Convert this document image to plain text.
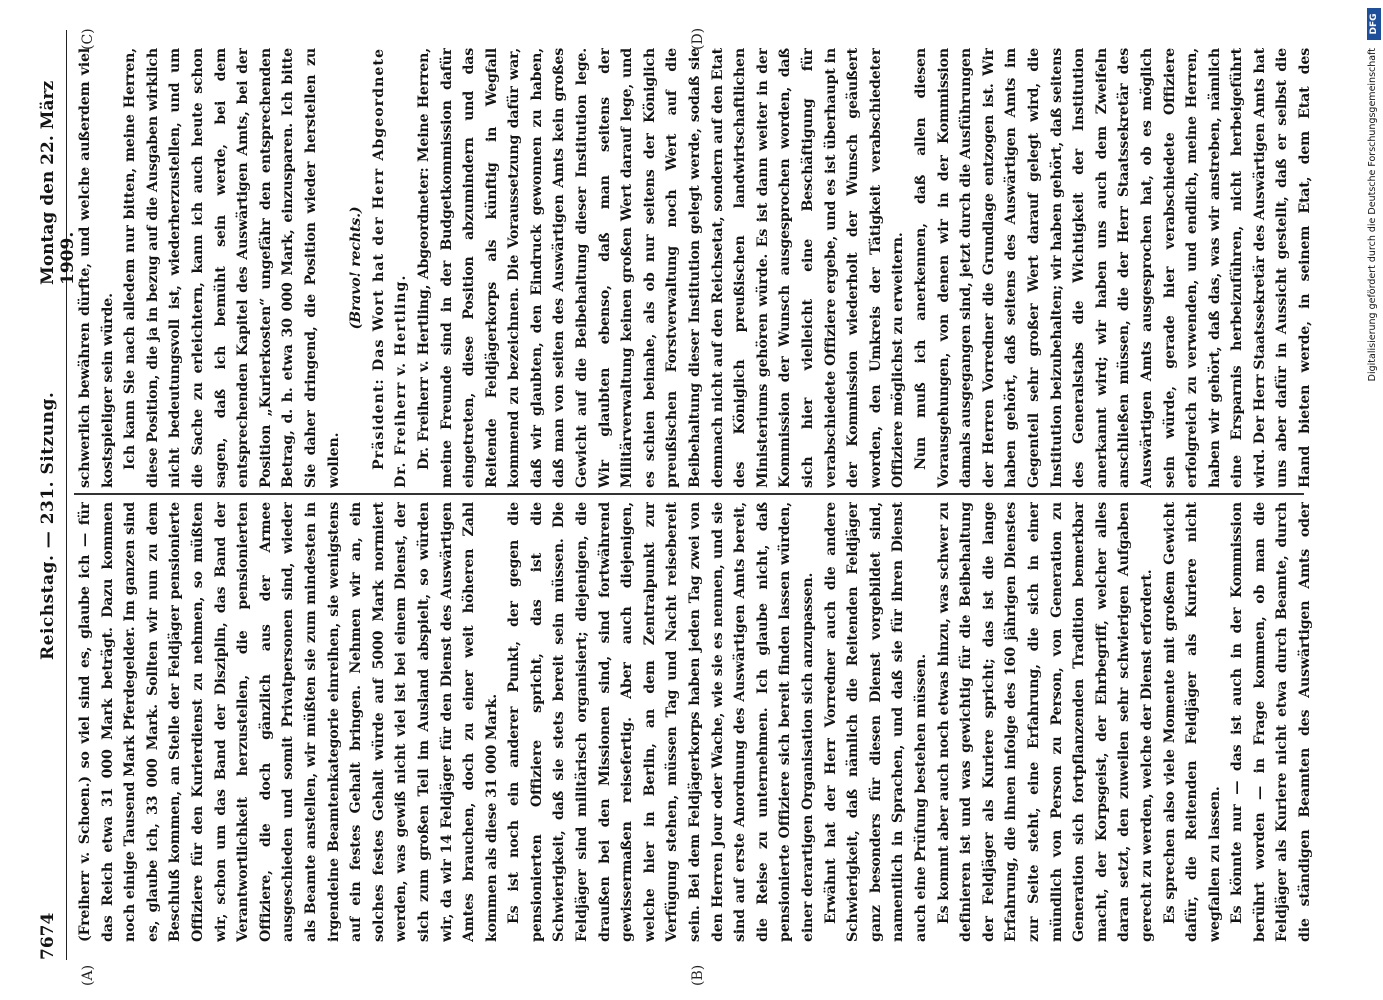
7674
Reichstag. — 231. Sitzung.
Montag den 22. März 1909.
(A)	(B)
(C)	(D)

(Freiherr v. Schoen.) so viel sind es, glaube ich — für das Reich etwa 31 000 Mark beträgt. Dazu kommen noch einige Tausend Mark Pferdegelder. Im ganzen sind es, glaube ich, 33 000 Mark. Sollten wir nun zu dem Beschluß kommen, an Stelle der Feldjäger pensionierte Offiziere für den Kurierdienst zu nehmen, so müßten wir, schon um das Band der Disziplin, das Band der Verantwortlichkeit herzustellen, die pensionierten Offiziere, die doch gänzlich aus der Armee ausgeschieden und somit Privatpersonen sind, wieder als Beamte anstellen, wir müßten sie zum mindesten in irgendeine Beamtenkategorie einreihen, sie wenigstens auf ein festes Gehalt bringen. Nehmen wir an, ein solches festes Gehalt würde auf 5000 Mark normiert werden, was gewiß nicht viel ist bei einem Dienst, der sich zum großen Teil im Ausland abspielt, so würden wir, da wir 14 Feldjäger für den Dienst des Auswärtigen Amtes brauchen, doch zu einer weit höheren Zahl kommen als diese 31 000 Mark. Es ist noch ein anderer Punkt, der gegen die pensionierten Offiziere spricht, das ist die Schwierigkeit, daß sie stets bereit sein müssen. Die Feldjäger sind militärisch organisiert; diejenigen, die draußen bei den Missionen sind, sind fortwährend gewissermaßen reisefertig. Aber auch diejenigen, welche hier in Berlin, an dem Zentralpunkt zur Verfügung stehen, müssen Tag und Nacht reisebereit sein. Bei dem Feldjägerkorps haben jeden Tag zwei von den Herren Jour oder Wache, wie sie es nennen, und sie sind auf erste Anordnung des Auswärtigen Amts bereit, die Reise zu unternehmen. Ich glaube nicht, daß pensionierte Offiziere sich bereit finden lassen würden, einer derartigen Organisation sich anzupassen. Erwähnt hat der Herr Vorredner auch die andere Schwierigkeit, daß nämlich die Reitenden Feldjäger ganz besonders für diesen Dienst vorgebildet sind, namentlich in Sprachen, und daß sie für ihren Dienst auch eine Prüfung bestehen müssen. Es kommt aber auch noch etwas hinzu, was schwer zu definieren ist und was gewichtig für die Beibehaltung der Feldjäger als Kuriere spricht; das ist die lange Erfahrung, die ihnen infolge des 160 jährigen Dienstes zur Seite steht, eine Erfahrung, die sich in einer mündlich von Person zu Person, von Generation zu Generation sich fortpflanzenden Tradition bemerkbar macht, der Korpsgeist, der Ehrbegriff, welcher alles daran setzt, den zuweilen sehr schwierigen Aufgaben gerecht zu werden, welche der Dienst erfordert. Es sprechen also viele Momente mit großem Gewicht dafür, die Reitenden Feldjäger als Kuriere nicht wegfallen zu lassen. Es könnte nur — das ist auch in der Kommission berührt worden — in Frage kommen, ob man die Feldjäger als Kuriere nicht etwa durch Beamte, durch die ständigen Beamten des Auswärtigen Amts oder

schwerlich bewähren dürfte, und welche außerdem viel kostspieliger sein würde. Ich kann Sie nach alledem nur bitten, meine Herren, diese Position, die ja in bezug auf die Ausgaben wirklich nicht bedeutungsvoll ist, wiederherzustellen, und um die Sache zu erleichtern, kann ich auch heute schon sagen, daß ich bemüht sein werde, bei dem entsprechenden Kapitel des Auswärtigen Amts, bei der Position „Kurierkosten“ ungefähr den entsprechenden Betrag, d. h. etwa 30 000 Mark, einzusparen. Ich bitte Sie daher dringend, die Position wieder herstellen zu wollen.

(Bravo! rechts.) Präsident: Das Wort hat der Herr Abgeordnete Dr. Freiherr v. Hertling. Dr. Freiherr v. Hertling, Abgeordneter: Meine Herren, meine Freunde sind in der Budgetkommission dafür eingetreten, diese Position abzumindern und das Reitende Feldjägerkorps als künftig in Wegfall kommend zu bezeichnen. Die Voraussetzung dafür war, daß wir glaubten, den Eindruck gewonnen zu haben, daß man von seiten des Auswärtigen Amts kein großes Gewicht auf die Beibehaltung dieser Institution lege. Wir glaubten ebenso, daß man seitens der Militärverwaltung keinen großen Wert darauf lege, und es schien beinahe, als ob nur seitens der Königlich preußischen Forstverwaltung noch Wert auf die Beibehaltung dieser Institution gelegt werde, sodaß sie demnach nicht auf den Reichsetat, sondern auf den Etat des Königlich preußischen landwirtschaftlichen Ministeriums gehören würde. Es ist dann weiter in der Kommission der Wunsch ausgesprochen worden, daß sich hier vielleicht eine Beschäftigung für verabschiedete Offiziere ergebe, und es ist überhaupt in der Kommission wiederholt der Wunsch geäußert worden, den Umkreis der Tätigkeit verabschiedeter Offiziere möglichst zu erweitern. Nun muß ich anerkennen, daß allen diesen Vorausgehungen, von denen wir in der Kommission damals ausgegangen sind, jetzt durch die Ausführungen der Herren Vorredner die Grundlage entzogen ist. Wir haben gehört, daß seitens des Auswärtigen Amts im Gegenteil sehr großer Wert darauf gelegt wird, die Institution beizubehalten; wir haben gehört, daß seitens des Generalstabs die Wichtigkeit der Institution anerkannt wird; wir haben uns auch dem Zweifeln anschließen müssen, die der Herr Staatssekretär des Auswärtigen Amts ausgesprochen hat, ob es möglich sein würde, gerade hier verabschiedete Offiziere erfolgreich zu verwenden, und endlich, meine Herren, haben wir gehört, daß das, was wir anstreben, nämlich eine Ersparnis herbeizuführen, nicht herbeigeführt wird. Der Herr Staatssekretär des Auswärtigen Amts hat uns aber dafür in Aussicht gestellt, daß er selbst die Hand bieten werde, in seinem Etat, dem Etat des

DFG
Digitalisierung gefördert durch die Deutsche Forschungsgemeinschaft
